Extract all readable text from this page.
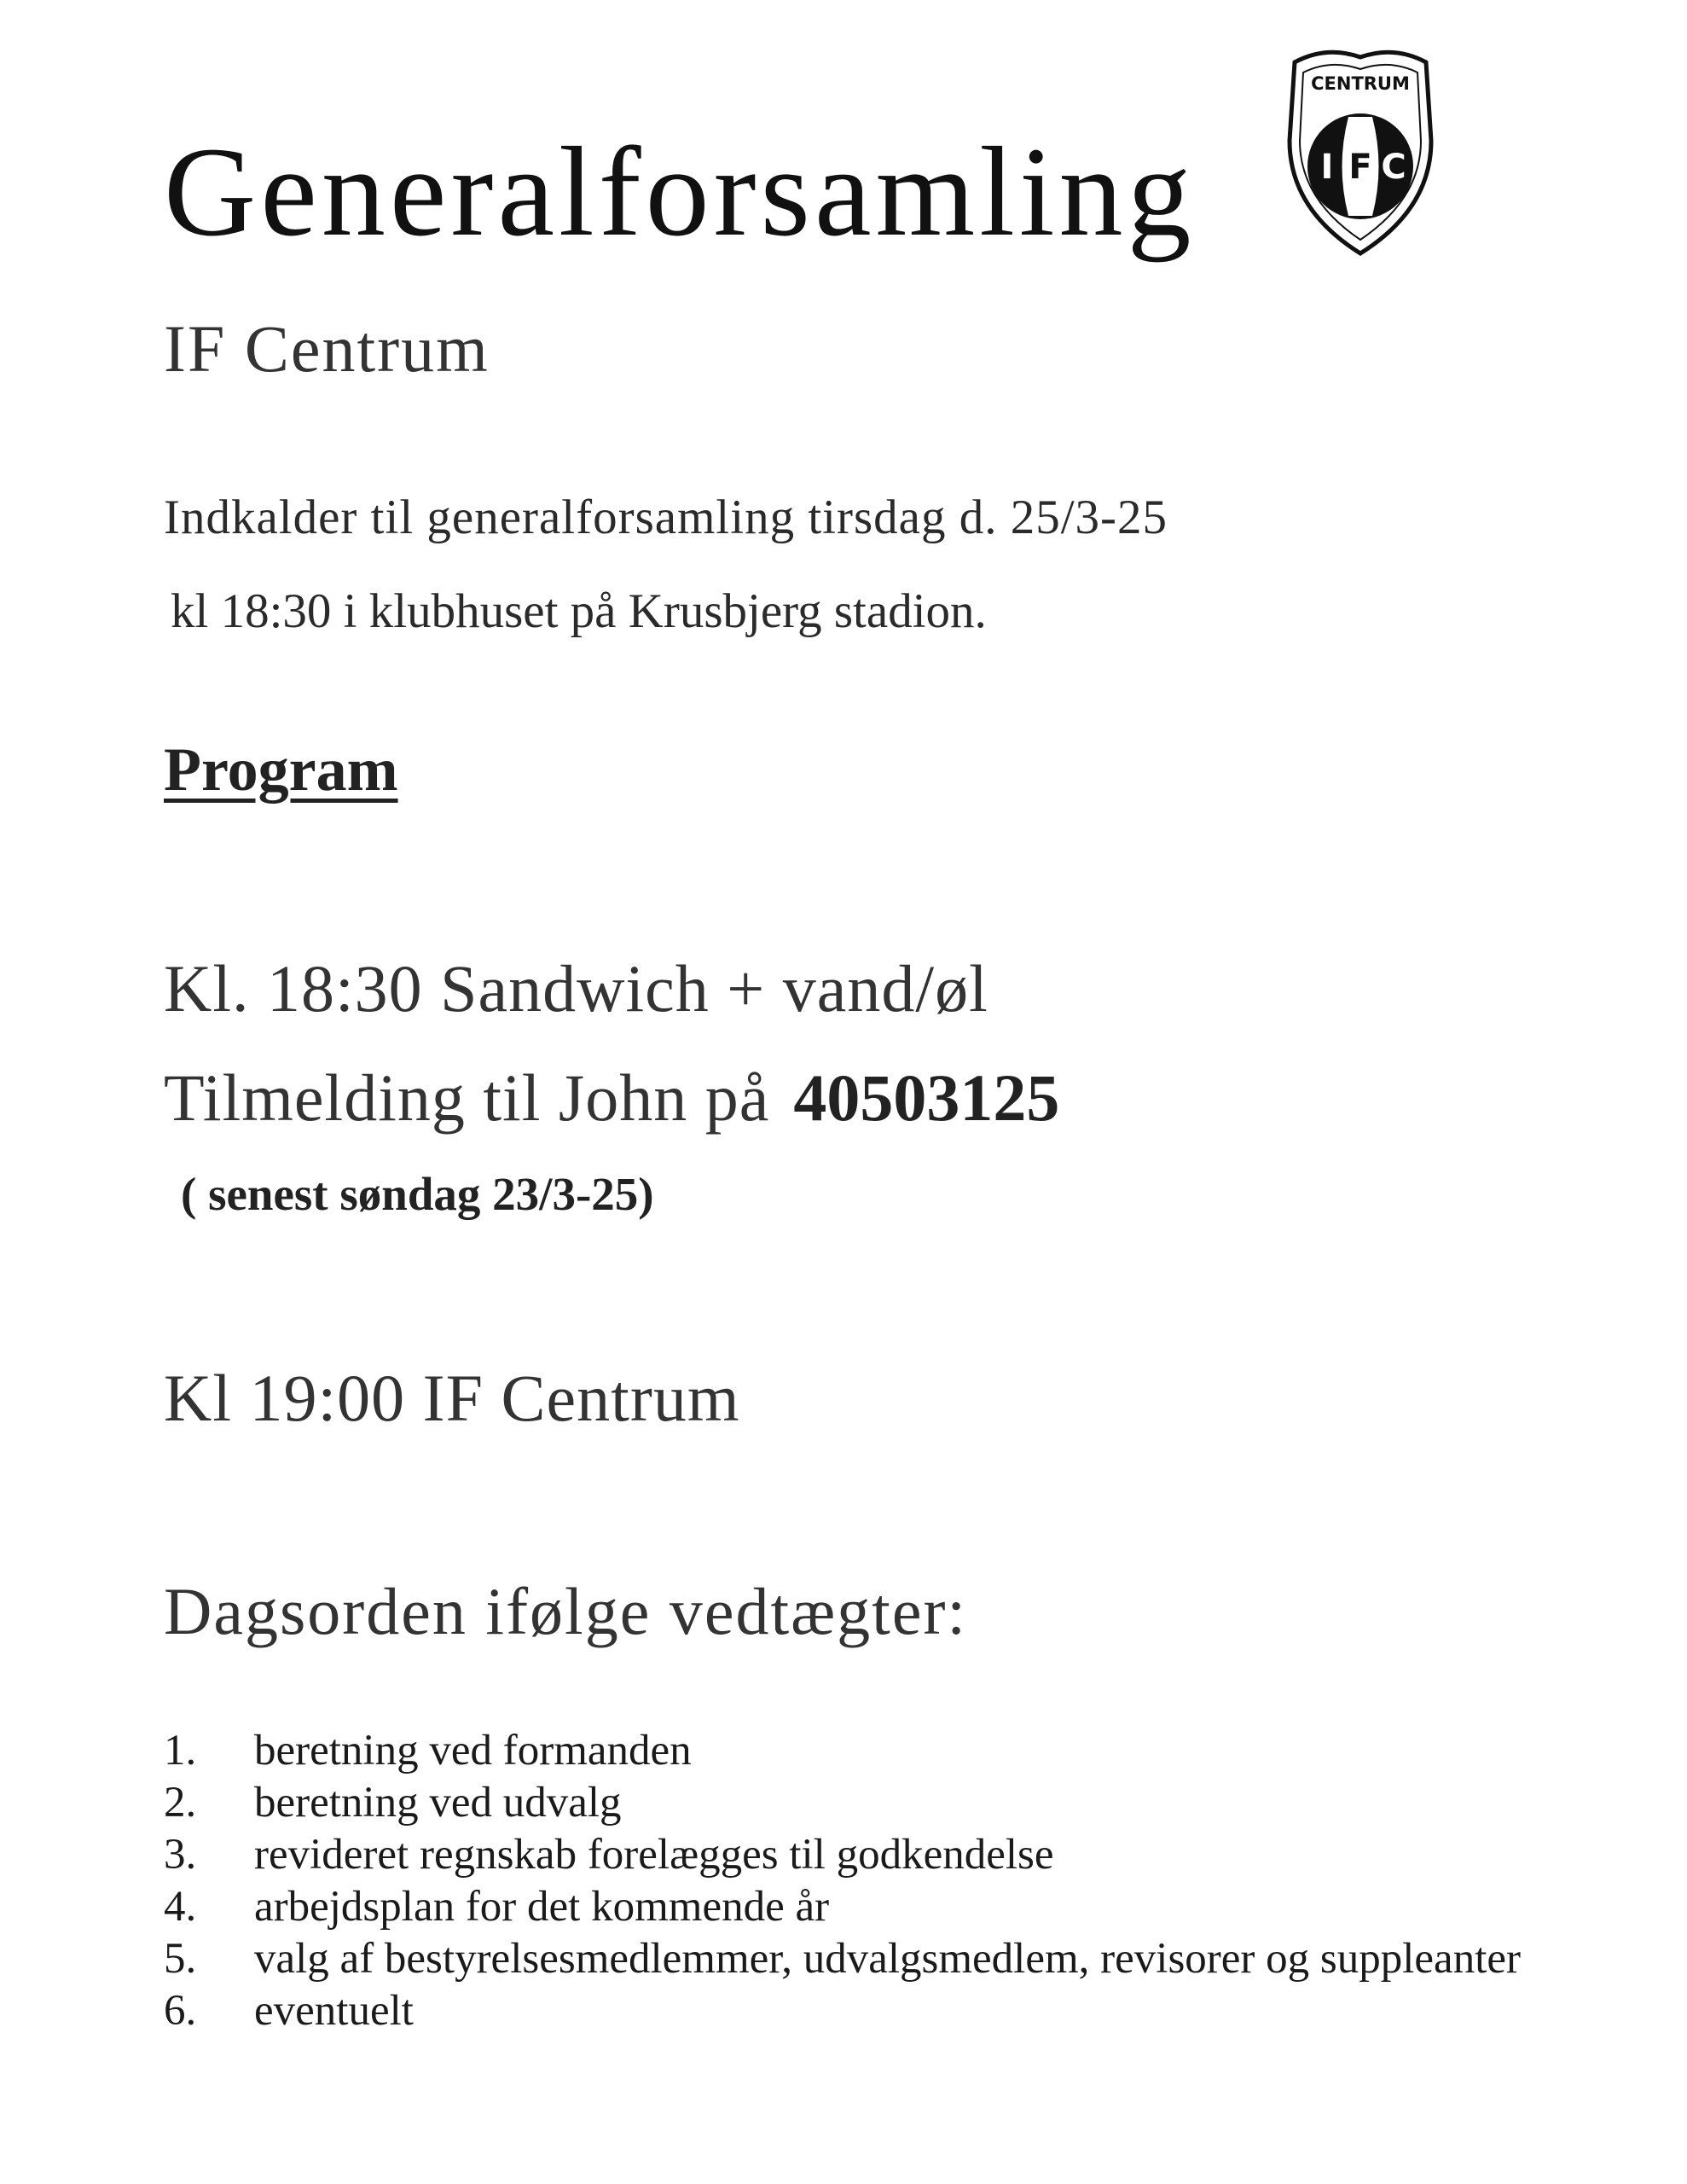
Generalforsamling
CENTRUM
I F C
IF Centrum
Indkalder til generalforsamling tirsdag d. 25/3-25
kl 18:30 i klubhuset på Krusbjerg stadion.
Program
Kl. 18:30 Sandwich + vand/øl
Tilmelding til John på 40503125
( senest søndag 23/3-25)
Kl 19:00 IF Centrum
Dagsorden ifølge vedtægter:
1. beretning ved formanden
2. beretning ved udvalg
3. revideret regnskab forelægges til godkendelse
4. arbejdsplan for det kommende år
5. valg af bestyrelsesmedlemmer, udvalgsmedlem, revisorer og suppleanter
6. eventuelt
